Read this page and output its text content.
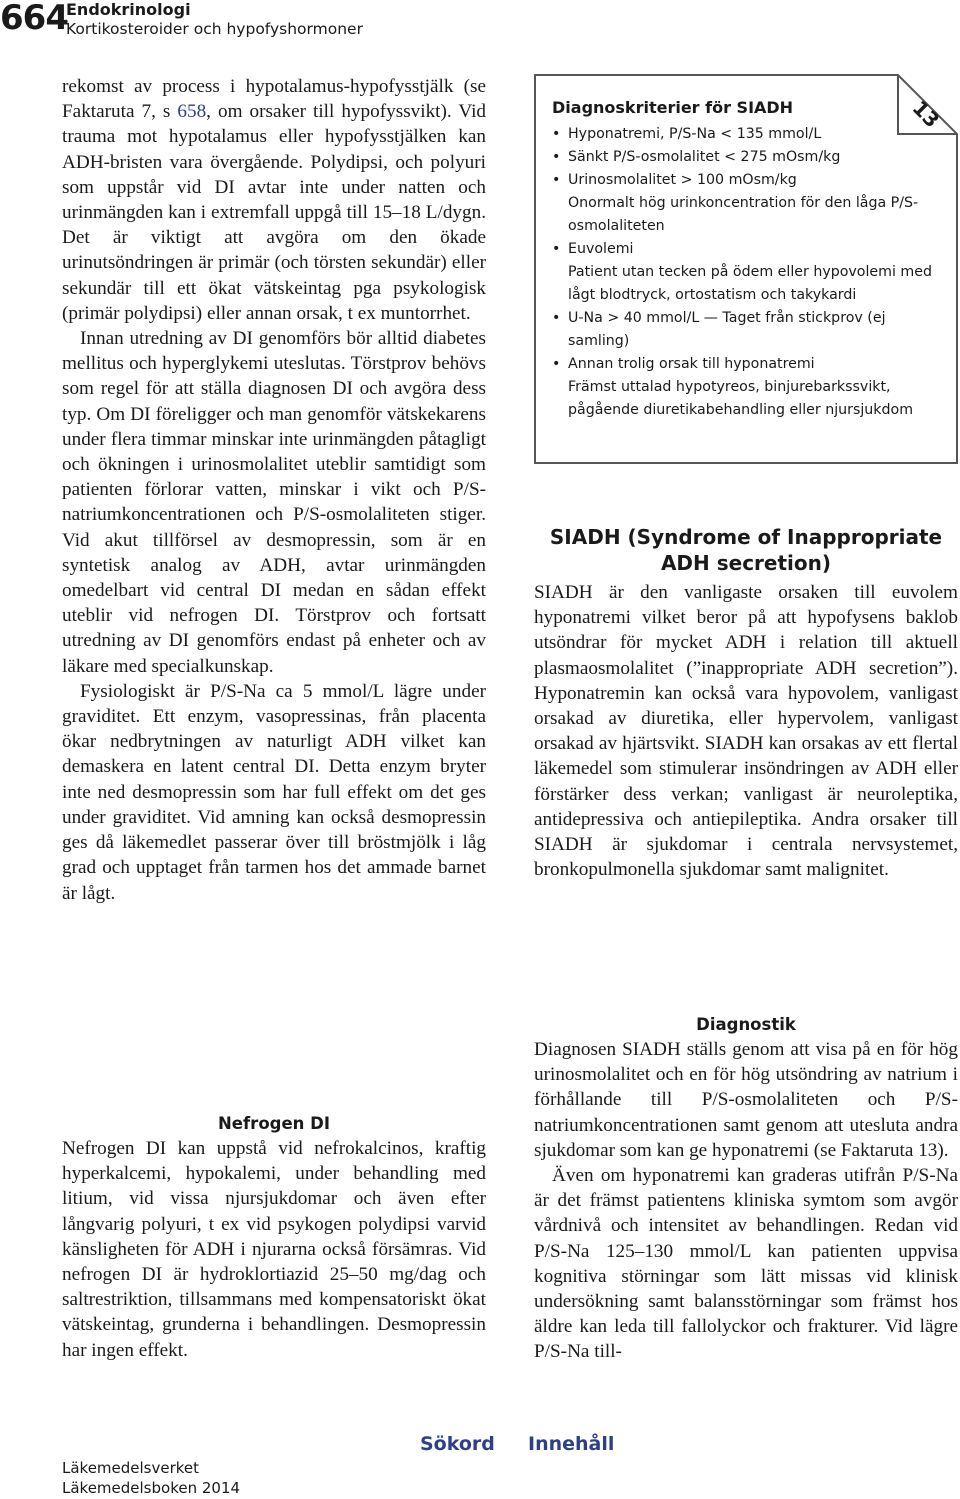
664
Endokrinologi
Kortikosteroider och hypofyshormoner

rekomst av process i hypotalamus-hypofysstjälk (se Faktaruta 7, s 658, om orsaker till hypofyssvikt). Vid trauma mot hypotalamus eller hypofysstjälken kan ADH-bristen vara övergående. Polydipsi, och polyuri som uppstår vid DI avtar inte under natten och urinmängden kan i extremfall uppgå till 15–18 L/dygn. Det är viktigt att avgöra om den ökade urinutsöndringen är primär (och törsten sekundär) eller sekundär till ett ökat vätskeintag pga psykologisk (primär polydipsi) eller annan orsak, t ex muntorrhet.

Innan utredning av DI genomförs bör alltid diabetes mellitus och hyperglykemi uteslutas. Törstprov behövs som regel för att ställa diagnosen DI och avgöra dess typ. Om DI föreligger och man genomför vätskekarens under flera timmar minskar inte urinmängden påtagligt och ökningen i urinosmolalitet uteblir samtidigt som patienten förlorar vatten, minskar i vikt och P/S-natriumkoncentrationen och P/S-osmolaliteten stiger. Vid akut tillförsel av desmopressin, som är en syntetisk analog av ADH, avtar urinmängden omedelbart vid central DI medan en sådan effekt uteblir vid nefrogen DI. Törstprov och fortsatt utredning av DI genomförs endast på enheter och av läkare med specialkunskap.

Fysiologiskt är P/S-Na ca 5 mmol/L lägre under graviditet. Ett enzym, vasopressinas, från placenta ökar nedbrytningen av naturligt ADH vilket kan demaskera en latent central DI. Detta enzym bryter inte ned desmopressin som har full effekt om det ges under graviditet. Vid amning kan också desmopressin ges då läkemedlet passerar över till bröstmjölk i låg grad och upptaget från tarmen hos det ammade barnet är lågt.

Nefrogen DI

Nefrogen DI kan uppstå vid nefrokalcinos, kraftig hyperkalcemi, hypokalemi, under behandling med litium, vid vissa njursjukdomar och även efter långvarig polyuri, t ex vid psykogen polydipsi varvid känsligheten för ADH i njurarna också försämras. Vid nefrogen DI är hydroklortiazid 25–50 mg/dag och saltrestriktion, tillsammans med kompensatoriskt ökat vätskeintag, grunderna i behandlingen. Desmopressin har ingen effekt.

Diagnoskriterier för SIADH	13
• Hyponatremi, P/S-Na < 135 mmol/L
• Sänkt P/S-osmolalitet < 275 mOsm/kg
• Urinosmolalitet > 100 mOsm/kg
Onormalt hög urinkoncentration för den låga P/S-osmolaliteten
• Euvolemi
Patient utan tecken på ödem eller hypovolemi med lågt blodtryck, ortostatism och takykardi
• U-Na > 40 mmol/L — Taget från stickprov (ej samling)
• Annan trolig orsak till hyponatremi
Främst uttalad hypotyreos, binjurebarkssvikt, pågående diuretikabehandling eller njursjukdom
SIADH (Syndrome of Inappropriate ADH secretion)

SIADH är den vanligaste orsaken till euvolem hyponatremi vilket beror på att hypofysens baklob utsöndrar för mycket ADH i relation till aktuell plasmaosmolalitet (”inappropriate ADH secretion”). Hyponatremin kan också vara hypovolem, vanligast orsakad av diuretika, eller hypervolem, vanligast orsakad av hjärtsvikt. SIADH kan orsakas av ett flertal läkemedel som stimulerar insöndringen av ADH eller förstärker dess verkan; vanligast är neuroleptika, antidepressiva och antiepileptika. Andra orsaker till SIADH är sjukdomar i centrala nervsystemet, bronkopulmonella sjukdomar samt malignitet.

Diagnostik

Diagnosen SIADH ställs genom att visa på en för hög urinosmolalitet och en för hög utsöndring av natrium i förhållande till P/S-osmolaliteten och P/S-natriumkoncentrationen samt genom att utesluta andra sjukdomar som kan ge hyponatremi (se Faktaruta 13).

Även om hyponatremi kan graderas utifrån P/S-Na är det främst patientens kliniska symtom som avgör vårdnivå och intensitet av behandlingen. Redan vid P/S-Na 125–130 mmol/L kan patienten uppvisa kognitiva störningar som lätt missas vid klinisk undersökning samt balansstörningar som främst hos äldre kan leda till fallolyckor och frakturer. Vid lägre P/S-Na till-

Sökord Innehåll
Läkemedelsverket
Läkemedelsboken 2014
